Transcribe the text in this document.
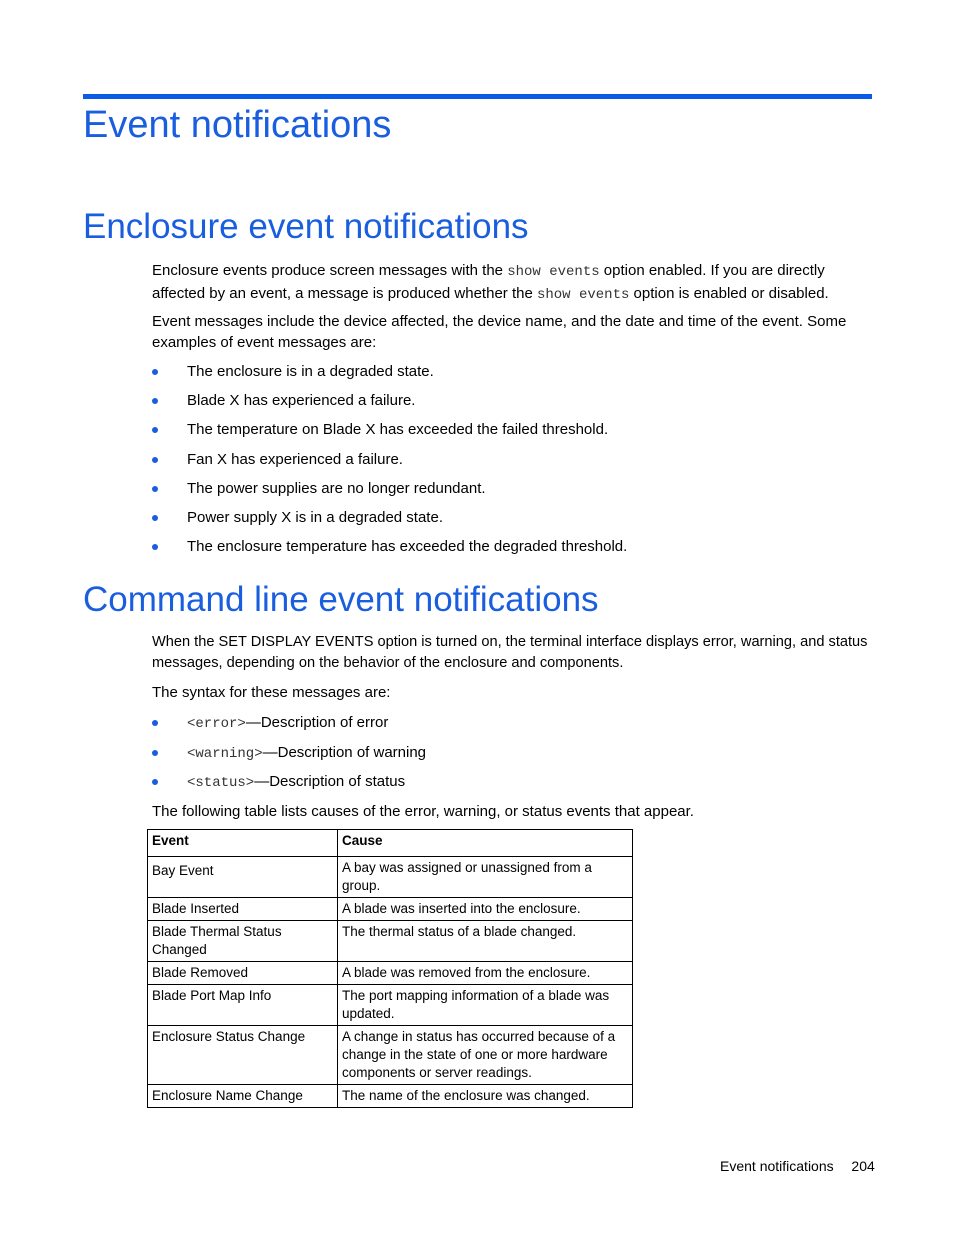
Event notifications
Enclosure event notifications
Enclosure events produce screen messages with the show events option enabled. If you are directly
affected by an event, a message is produced whether the show events option is enabled or disabled.
Event messages include the device affected, the device name, and the date and time of the event. Some
examples of event messages are:
The enclosure is in a degraded state.
Blade X has experienced a failure.
The temperature on Blade X has exceeded the failed threshold.
Fan X has experienced a failure.
The power supplies are no longer redundant.
Power supply X is in a degraded state.
The enclosure temperature has exceeded the degraded threshold.
Command line event notifications
When the SET DISPLAY EVENTS option is turned on, the terminal interface displays error, warning, and status
messages, depending on the behavior of the enclosure and components.
The syntax for these messages are:
<error>—Description of error
<warning>—Description of warning
<status>—Description of status
The following table lists causes of the error, warning, or status events that appear.
Event	Cause
Bay Event	A bay was assigned or unassigned from a group.
Blade Inserted	A blade was inserted into the enclosure.
Blade Thermal Status Changed	The thermal status of a blade changed.
Blade Removed	A blade was removed from the enclosure.
Blade Port Map Info	The port mapping information of a blade was updated.
Enclosure Status Change	A change in status has occurred because of a change in the state of one or more hardware components or server readings.
Enclosure Name Change	The name of the enclosure was changed.
Event notifications 204
